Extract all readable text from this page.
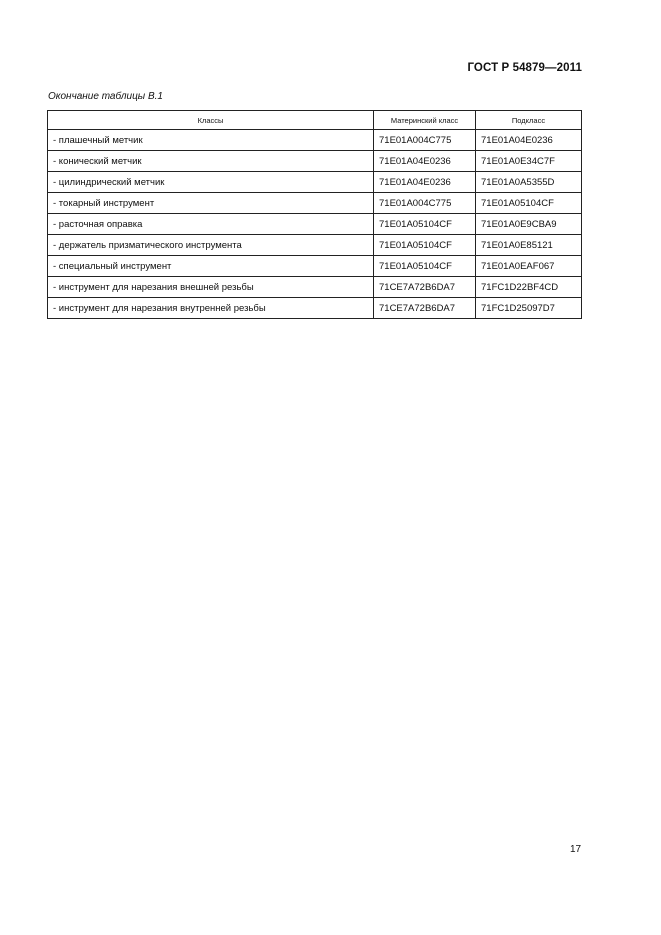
ГОСТ Р 54879—2011
Окончание таблицы В.1
Классы	Материнский класс	Подкласс
- плашечный метчик	71E01A004C775	71E01A04E0236
- конический метчик	71E01A04E0236	71E01A0E34C7F
- цилиндрический метчик	71E01A04E0236	71E01A0A5355D
- токарный инструмент	71E01A004C775	71E01A05104CF
- расточная оправка	71E01A05104CF	71E01A0E9CBA9
- держатель призматического инструмента	71E01A05104CF	71E01A0E85121
- специальный инструмент	71E01A05104CF	71E01A0EAF067
- инструмент для нарезания внешней резьбы	71CE7A72B6DA7	71FC1D22BF4CD
- инструмент для нарезания внутренней резьбы	71CE7A72B6DA7	71FC1D25097D7
17
